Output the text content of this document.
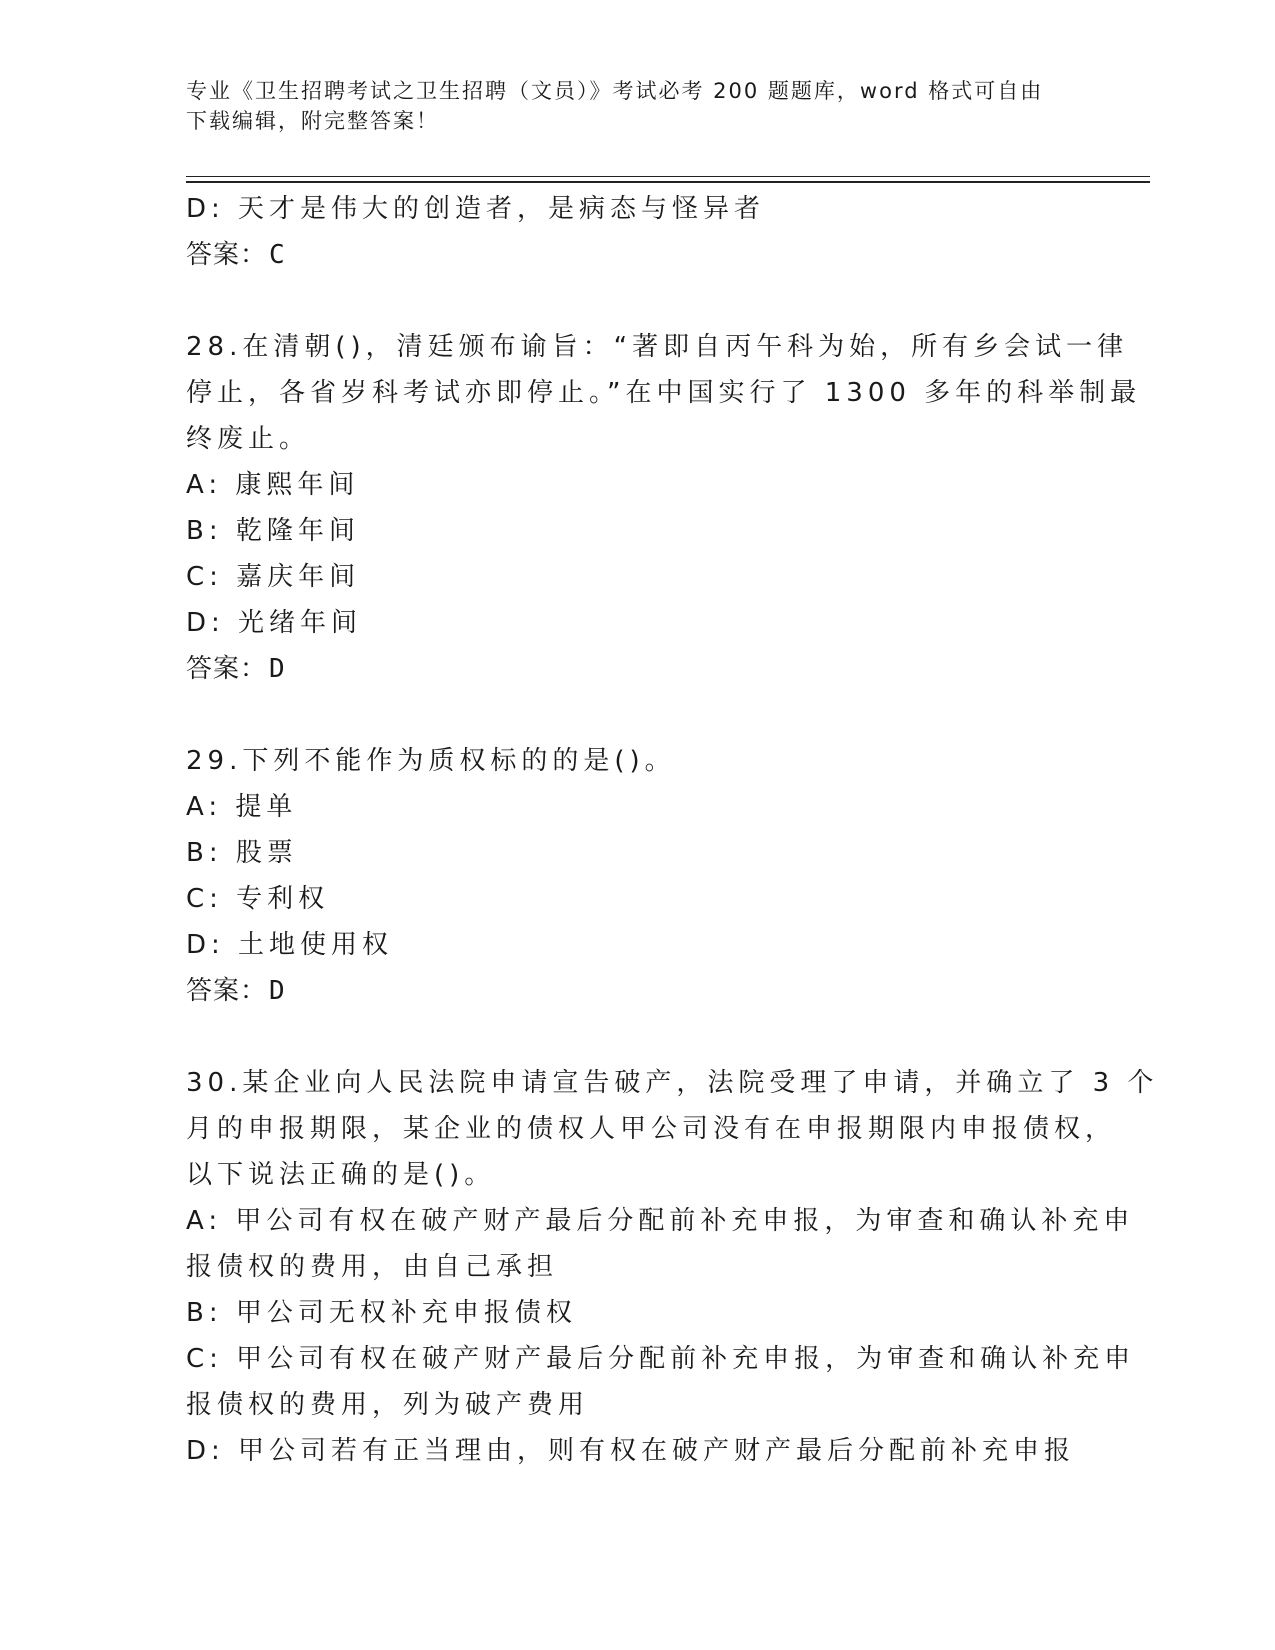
专业《卫生招聘考试之卫生招聘（文员）》考试必考 200 题题库，word 格式可自由下载编辑，附完整答案！
D: 天才是伟大的创造者，是病态与怪异者
答案：C
28.在清朝()，清廷颁布谕旨：“著即自丙午科为始，所有乡会试一律
停止，各省岁科考试亦即停止。”在中国实行了 1300 多年的科举制最
终废止。
A: 康熙年间
B: 乾隆年间
C: 嘉庆年间
D: 光绪年间
答案：D
29.下列不能作为质权标的的是()。
A: 提单
B: 股票
C: 专利权
D: 土地使用权
答案：D
30.某企业向人民法院申请宣告破产，法院受理了申请，并确立了 3 个
月的申报期限，某企业的债权人甲公司没有在申报期限内申报债权，
以下说法正确的是()。
A: 甲公司有权在破产财产最后分配前补充申报，为审查和确认补充申
报债权的费用，由自己承担
B: 甲公司无权补充申报债权
C: 甲公司有权在破产财产最后分配前补充申报，为审查和确认补充申
报债权的费用，列为破产费用
D: 甲公司若有正当理由，则有权在破产财产最后分配前补充申报
